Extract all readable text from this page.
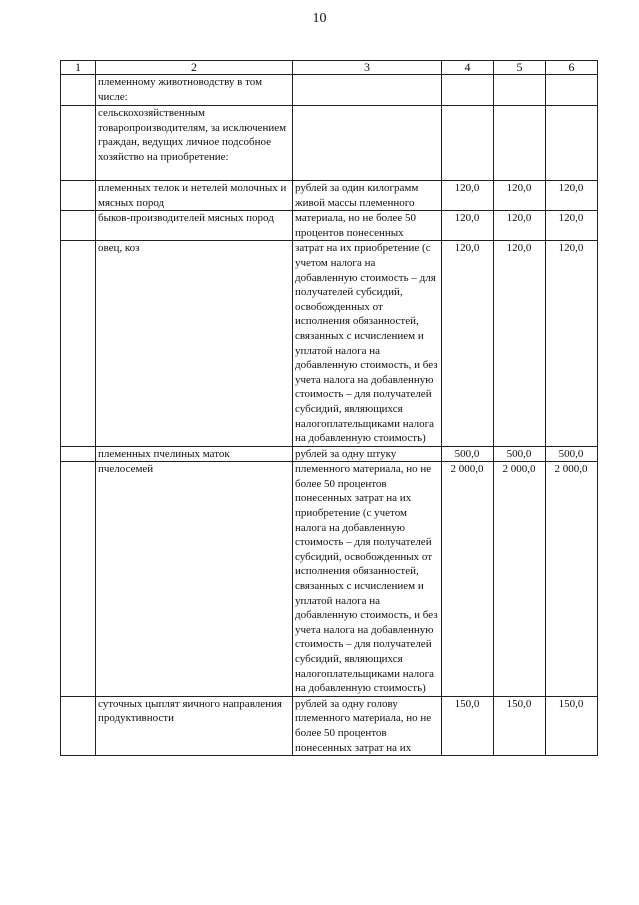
10
1	2	3	4	5	6
	племенному животноводству в том числе:				
	сельскохозяйственным товаропроизводителям, за исключением граждан, ведущих личное подсобное хозяйство на приобретение:				
	племенных телок и нетелей молочных и мясных пород	рублей за один килограмм живой массы племенного	120,0	120,0	120,0
	быков-производителей мясных пород	материала, но не более 50 процентов понесенных	120,0	120,0	120,0
	овец, коз	затрат на их приобретение (с учетом налога на добавленную стоимость – для получателей субсидий, освобожденных от исполнения обязанностей, связанных с исчислением и уплатой налога на добавленную стоимость, и без учета налога на добавленную стоимость – для получателей субсидий, являющихся налогоплательщиками налога на добавленную стоимость)	120,0	120,0	120,0
	племенных пчелиных маток	рублей за одну штуку	500,0	500,0	500,0
	пчелосемей	племенного материала, но не более 50 процентов понесенных затрат на их приобретение (с учетом налога на добавленную стоимость – для получателей субсидий, освобожденных от исполнения обязанностей, связанных с исчислением и уплатой налога на добавленную стоимость, и без учета налога на добавленную стоимость – для получателей субсидий, являющихся налогоплательщиками налога на добавленную стоимость)	2 000,0	2 000,0	2 000,0
	суточных цыплят яичного направления продуктивности	рублей за одну голову племенного материала, но не более 50 процентов понесенных затрат на их	150,0	150,0	150,0
